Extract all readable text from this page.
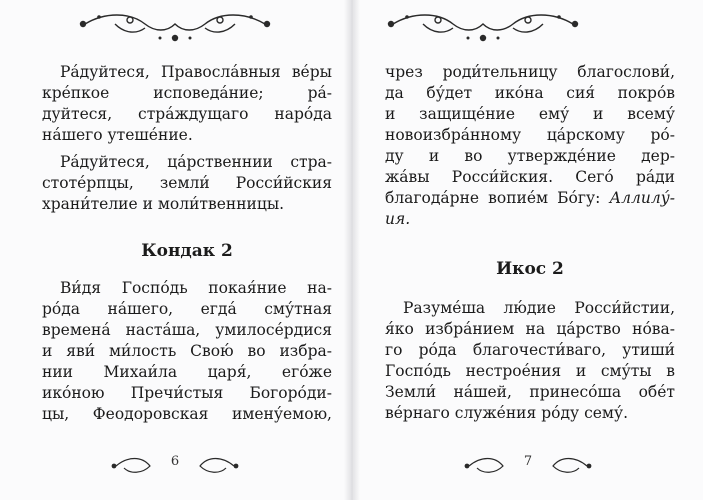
Ра́дуйтеся, Правосла́вныя ве́ры
кре́пкое исповеда́ние; ра́-
дуйтеся, стра́ждущаго наро́да
на́шего утеше́ние.
Ра́дуйтеся, ца́рственнии стра-
стоте́рпцы, земли́ Росси́йския
храни́телие и моли́твенницы.
Кондак 2
Ви́дя Госпо́дь покая́ние на-
ро́да на́шего, егда́ сму́тная
времена́ наста́ша, умилосе́рдися
и яви́ ми́лость Свою́ во избра-
нии Михаи́ла царя́, его́же
ико́ною Пречи́стыя Богоро́ди-
цы, Феодоровская имену́емою,
6
чрез роди́тельницу благослови́,
да бу́дет ико́на сия́ покро́в
и защище́ние ему́ и всему́
новоизбра́нному ца́рскому ро́-
ду и во утвержде́ние дер-
жа́вы Росси́йския. Сего́ ра́ди
благода́рне вопие́м Бо́гу: Аллилу́-
ия.
Икос 2
Разуме́ша лю́дие Росси́йстии,
я́ко избра́нием на ца́рство но́ва-
го ро́да благочести́ваго, утиши́
Госпо́дь нестрое́ния и сму́ты в
Земли́ на́шей, принесо́ша обе́т
ве́рнаго служе́ния ро́ду сему́.
7
